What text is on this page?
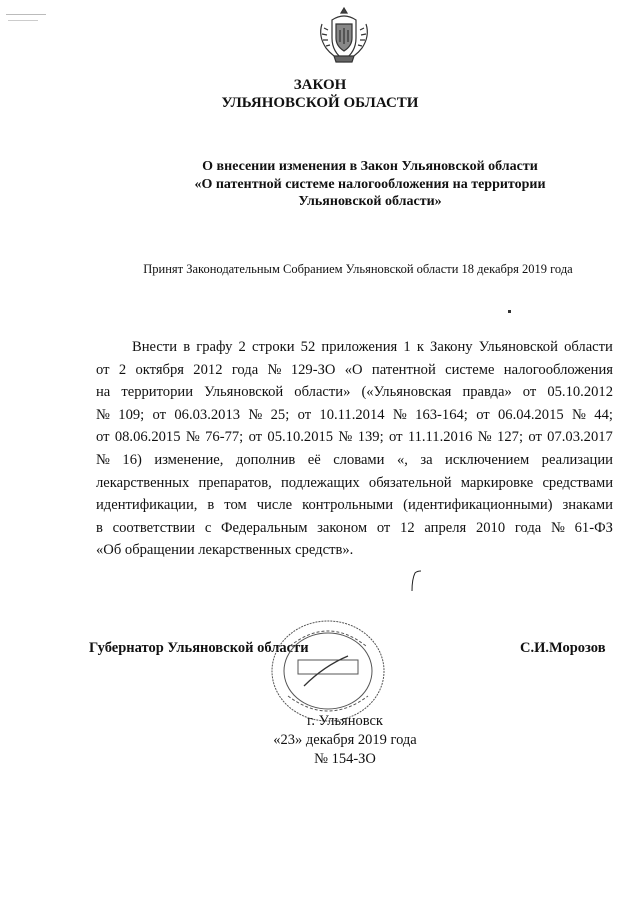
ЗАКОН
УЛЬЯНОВСКОЙ ОБЛАСТИ
О внесении изменения в Закон Ульяновской области
«О патентной системе налогообложения на территории
Ульяновской области»
Принят Законодательным Собранием Ульяновской области 18 декабря 2019 года
Внести в графу 2 строки 52 приложения 1 к Закону Ульяновской области
от 2 октября 2012 года № 129-ЗО «О патентной системе налогообложения
на территории Ульяновской области» («Ульяновская правда» от 05.10.2012
№ 109; от 06.03.2013 № 25; от 10.11.2014 № 163-164; от 06.04.2015 № 44;
от 08.06.2015 № 76-77; от 05.10.2015 № 139; от 11.11.2016 № 127; от 07.03.2017
№ 16) изменение, дополнив её словами «, за исключением реализации
лекарственных препаратов, подлежащих обязательной маркировке средствами
идентификации, в том числе контрольными (идентификационными) знаками
в соответствии с Федеральным законом от 12 апреля 2010 года № 61-ФЗ
«Об обращении лекарственных средств».
Губернатор Ульяновской области	С.И.Морозов
г. Ульяновск
«23» декабря 2019 года
№ 154-ЗО
